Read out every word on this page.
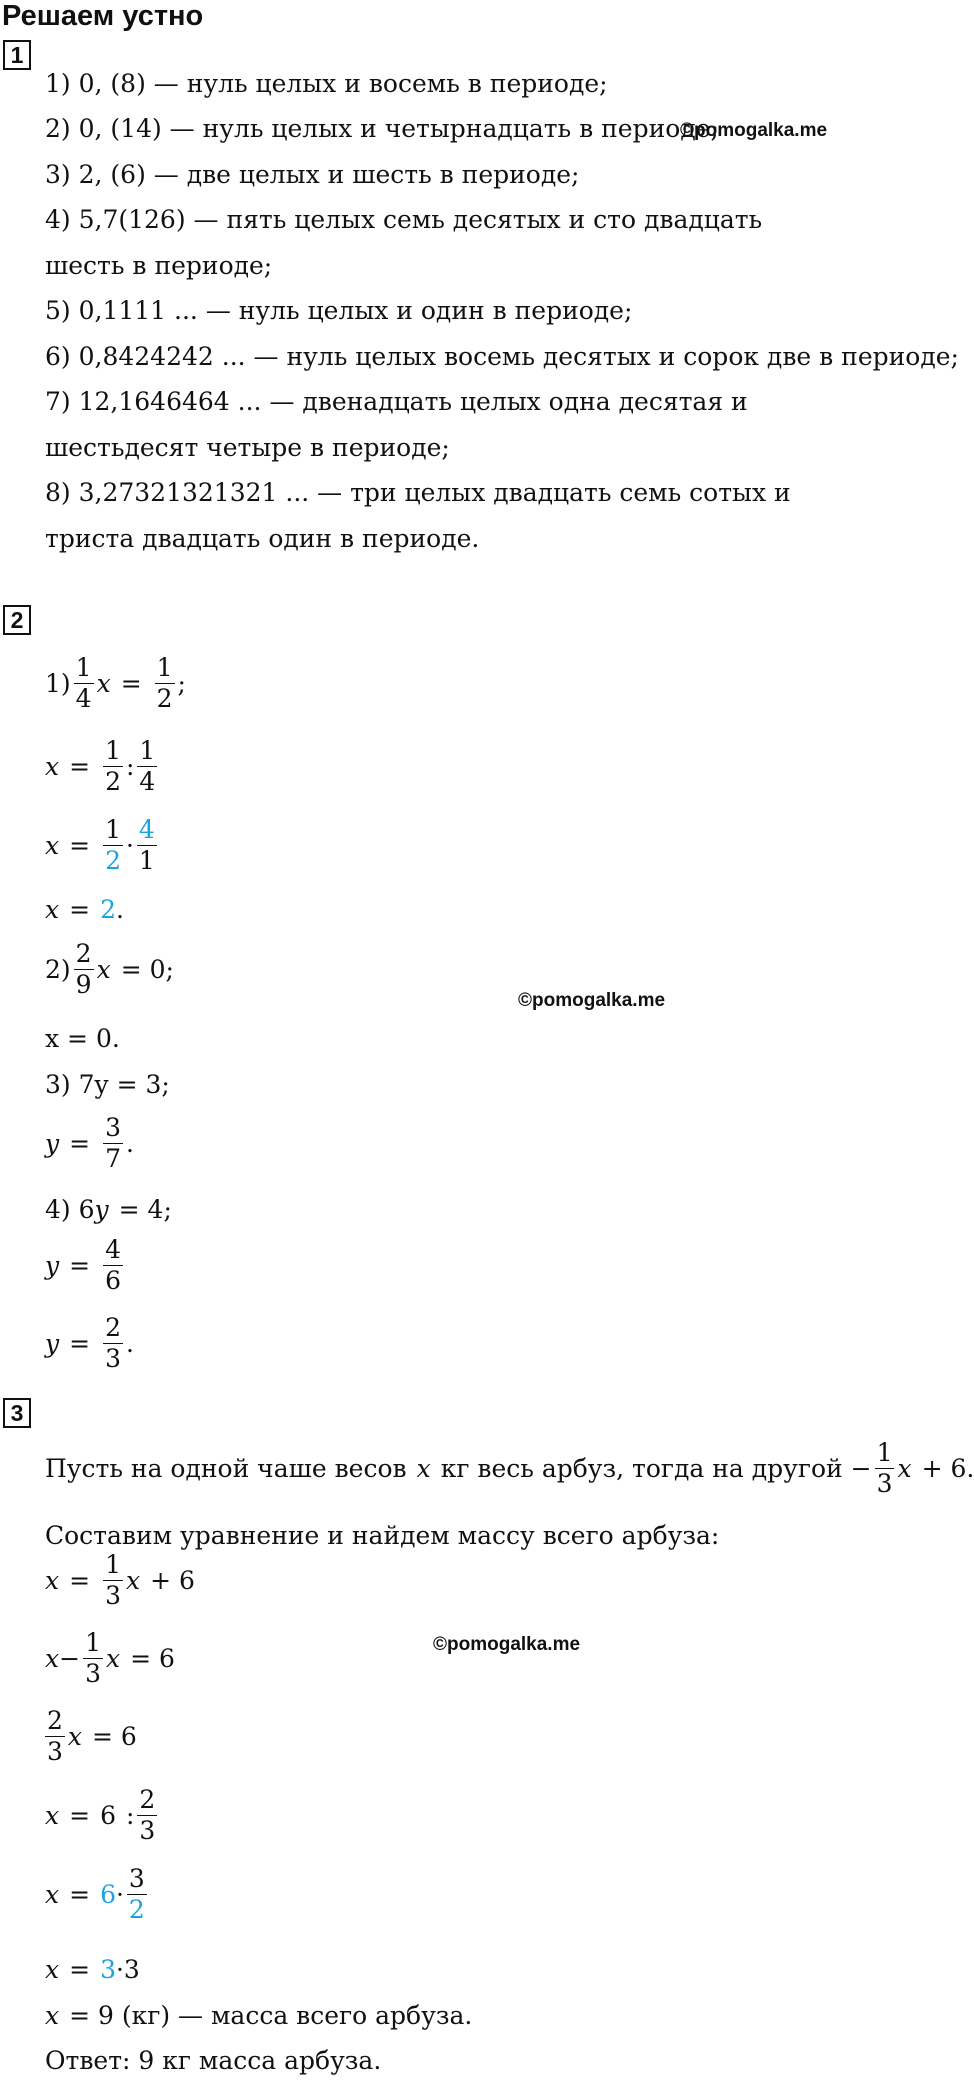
Решаем устно
1
1) 0, (8) — нуль целых и восемь в периоде;
©pomogalka.me
2) 0, (14) — нуль целых и четырнадцать в периоде;
3) 2, (6) — две целых и шесть в периоде;
4) 5,7(126) — пять целых семь десятых и сто двадцать
шесть в периоде;
5) 0,1111 ... — нуль целых и один в периоде;
6) 0,8424242 ... — нуль целых восемь десятых и сорок две в периоде;
7) 12,1646464 ... — двенадцать целых одна десятая и
шестьдесят четыре в периоде;
8) 3,27321321321 ... — три целых двадцать семь сотых и
триста двадцать один в периоде.
2
1)
1
4
x =
1
2
;
x =
1
2
:
1
4
x =
1
2
·
4
1
x = 2 .
2)
2
9
x = 0;
©pomogalka.me
x = 0.
3) 7y = 3;
y =
3
7
.
4) 6 y = 4;
y =
4
6
y =
2
3
.
3
Пусть на одной чаше весов x кг весь арбуз, тогда на другой − $\frac{1}{3}$ x + 6.
Составим уравнение и найдем массу всего арбуза:
x =
1
3
x + 6
©pomogalka.me
$x - \frac{1}{3}$ x = 6
2
3
x = 6
x = 6 :
2
3
x = 6 ·
3
2
x = 3 · 3
x = 9 (кг) — масса всего арбуза.
Ответ: 9 кг масса арбуза.
